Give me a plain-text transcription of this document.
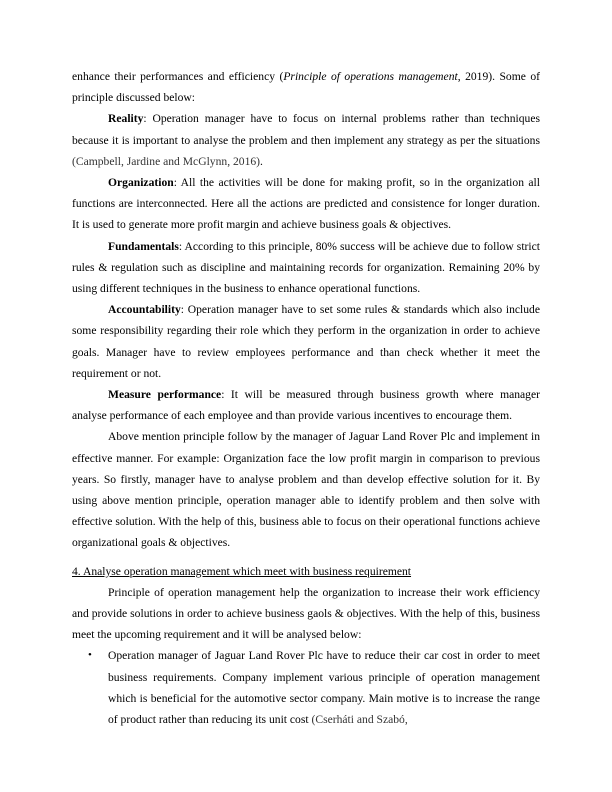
enhance their performances and efficiency (Principle of operations management, 2019). Some of principle discussed below:

Reality: Operation manager have to focus on internal problems rather than techniques because it is important to analyse the problem and then implement any strategy as per the situations (Campbell, Jardine and McGlynn, 2016).

Organization: All the activities will be done for making profit, so in the organization all functions are interconnected. Here all the actions are predicted and consistence for longer duration. It is used to generate more profit margin and achieve business goals & objectives.

Fundamentals: According to this principle, 80% success will be achieve due to follow strict rules & regulation such as discipline and maintaining records for organization. Remaining 20% by using different techniques in the business to enhance operational functions.

Accountability: Operation manager have to set some rules & standards which also include some responsibility regarding their role which they perform in the organization in order to achieve goals. Manager have to review employees performance and than check whether it meet the requirement or not.

Measure performance: It will be measured through business growth where manager analyse performance of each employee and than provide various incentives to encourage them.

Above mention principle follow by the manager of Jaguar Land Rover Plc and implement in effective manner. For example: Organization face the low profit margin in comparison to previous years. So firstly, manager have to analyse problem and than develop effective solution for it. By using above mention principle, operation manager able to identify problem and then solve with effective solution. With the help of this, business able to focus on their operational functions achieve organizational goals & objectives.

4. Analyse operation management which meet with business requirement

Principle of operation management help the organization to increase their work efficiency and provide solutions in order to achieve business gaols & objectives. With the help of this, business meet the upcoming requirement and it will be analysed below:

• Operation manager of Jaguar Land Rover Plc have to reduce their car cost in order to meet business requirements. Company implement various principle of operation management which is beneficial for the automotive sector company. Main motive is to increase the range of product rather than reducing its unit cost (Cserháti and Szabó,
